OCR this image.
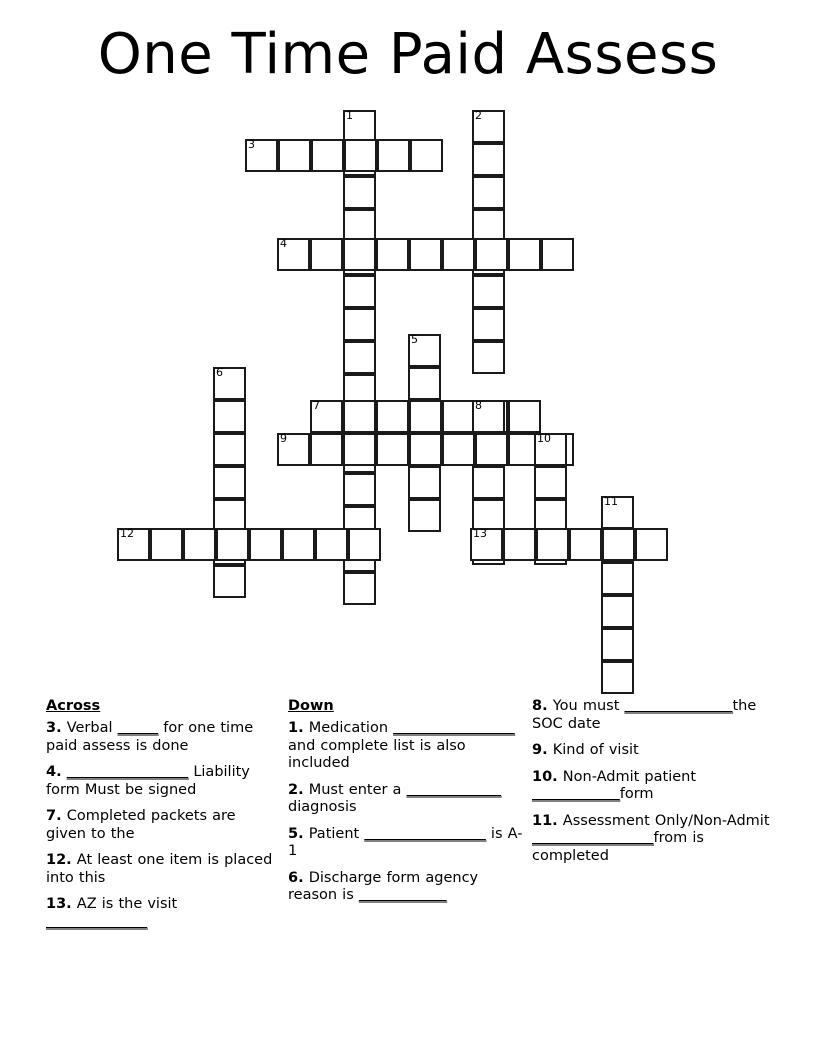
One Time Paid Assess
1	2
3
4
5
6
7	8
9	10
11
12	13
Across
3. Verbal ______ for one time paid assess is done
4. __________________ Liability form Must be signed
7. Completed packets are given to the
12. At least one item is placed into this
13. AZ is the visit _______________
Down
1. Medication __________________ and complete list is also included
2. Must enter a ______________ diagnosis
5. Patient __________________ is A-1
6. Discharge form agency reason is _____________
8. You must ________________the SOC date
9. Kind of visit
10. Non-Admit patient _____________form
11. Assessment Only/Non-Admit __________________from is completed
